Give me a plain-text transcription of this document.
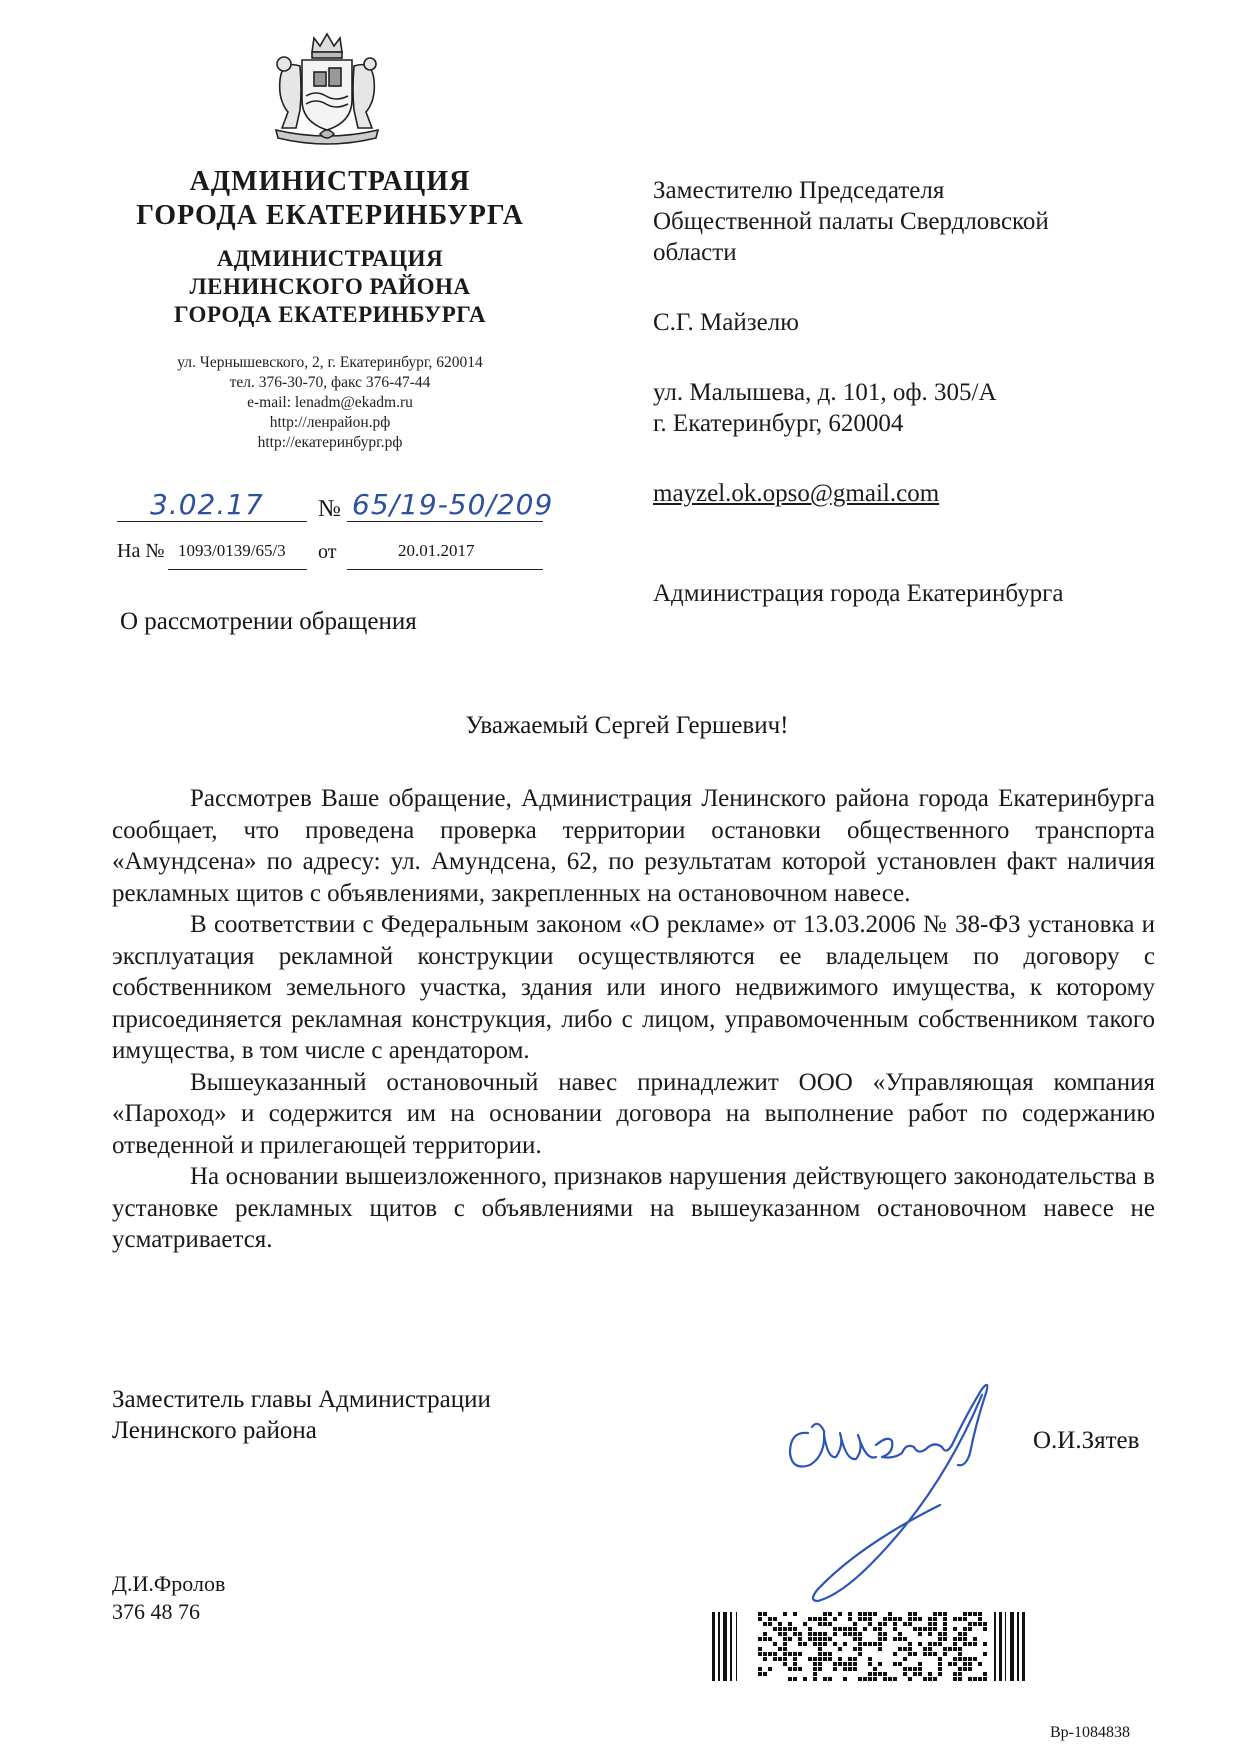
АДМИНИСТРАЦИЯ
ГОРОДА ЕКАТЕРИНБУРГА
АДМИНИСТРАЦИЯ
ЛЕНИНСКОГО РАЙОНА
ГОРОДА ЕКАТЕРИНБУРГА
ул. Чернышевского, 2, г. Екатеринбург, 620014
тел. 376-30-70, факс 376-47-44
e-mail: lenadm@ekadm.ru
http://ленрайон.рф
http://екатеринбург.рф
3.02.17 № 65/19-50/209
На № 1093/0139/65/3 от	20.01.2017
О рассмотрении обращения

Заместителю Председателя

Общественной палаты Свердловской

области

С.Г. Майзелю

ул. Малышева, д. 101, оф. 305/А

г. Екатеринбург, 620004

mayzel.ok.opso@gmail.com

Администрация города Екатеринбурга

Уважаемый Сергей Гершевич!

Рассмотрев Ваше обращение, Администрация Ленинского района города Екатеринбурга сообщает, что проведена проверка территории остановки общественного транспорта «Амундсена» по адресу: ул. Амундсена, 62, по результатам которой установлен факт наличия рекламных щитов с объявлениями, закрепленных на остановочном навесе.

В соответствии с Федеральным законом «О рекламе» от 13.03.2006 № 38-ФЗ установка и эксплуатация рекламной конструкции осуществляются ее владельцем по договору с собственником земельного участка, здания или иного недвижимого имущества, к которому присоединяется рекламная конструкция, либо с лицом, управомоченным собственником такого имущества, в том числе с арендатором.

Вышеуказанный остановочный навес принадлежит ООО «Управляющая компания «Пароход» и содержится им на основании договора на выполнение работ по содержанию отведенной и прилегающей территории.

На основании вышеизложенного, признаков нарушения действующего законодательства в установке рекламных щитов с объявлениями на вышеуказанном остановочном навесе не усматривается.

Заместитель главы Администрации
Ленинского района	О.И.Зятев
Д.И.Фролов
376 48 76
Вр-1084838
